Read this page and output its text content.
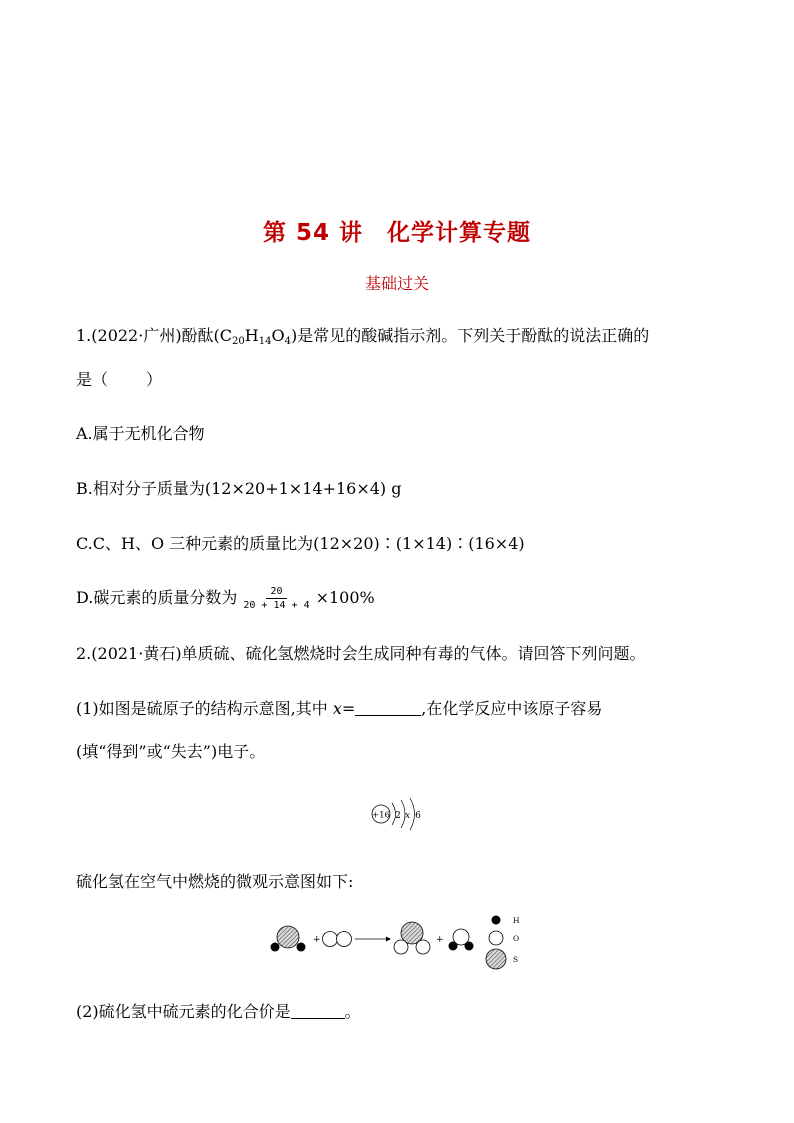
第 54 讲　化学计算专题
基础过关
1.(2022·广州)酚酞$(C_{20}H_{14}O_4)$是常见的酸碱指示剂。下列关于酚酞的说法正确的
是（ ）
A.属于无机化合物
B.相对分子质量为(12×20+1×14+16×4) g
C.C、H、O 三种元素的质量比为(12×20)∶(1×14)∶(16×4)
D.碳元素的质量分数为 $\frac{20}{20 + 14 + 4} \times 100\%$
2.(2021·黄石)单质硫、硫化氢燃烧时会生成同种有毒的气体。请回答下列问题。
(1)如图是硫原子的结构示意图,其中 x=	,在化学反应中该原子容易
(填“得到”或“失去”)电子。
+16 2 x 6
硫化氢在空气中燃烧的微观示意图如下:
+	+
H
O
S
(2)硫化氢中硫元素的化合价是	。
